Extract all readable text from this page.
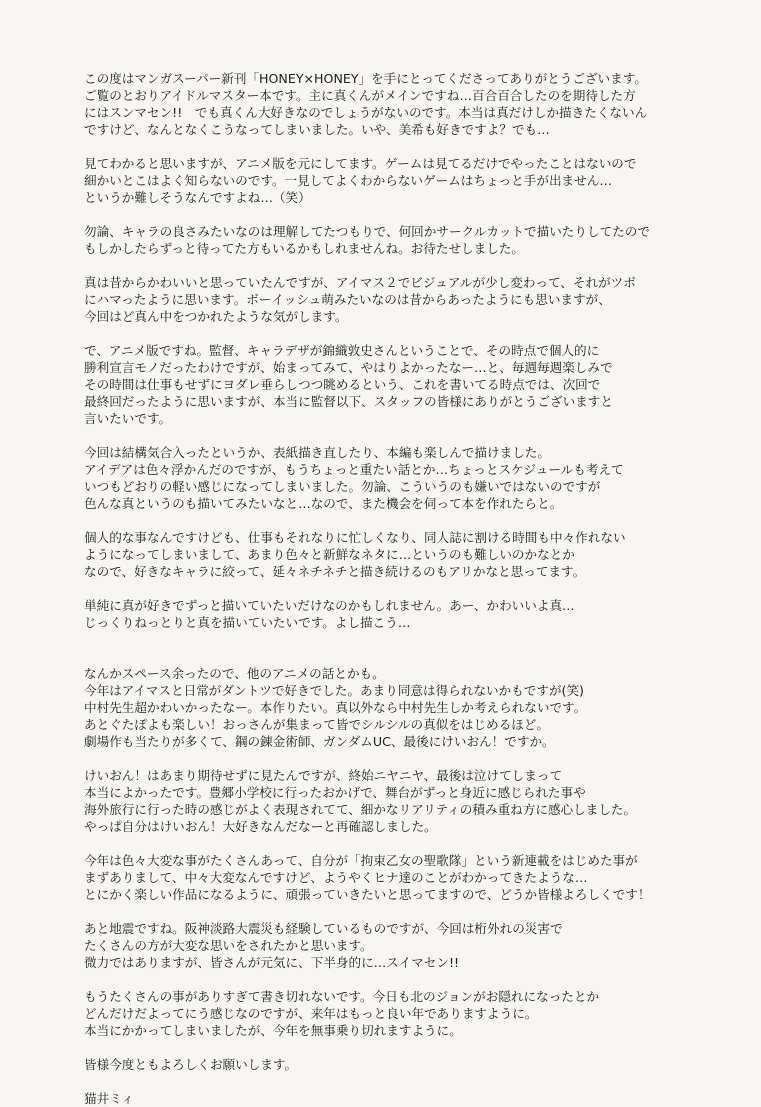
この度はマンガスーパー新刊「HONEY×HONEY」を手にとってくださってありがとうございます。
ご覧のとおりアイドルマスター本です。主に真くんがメインですね…百合百合したのを期待した方
にはスンマセン!!　でも真くん大好きなのでしょうがないのです。本当は真だけしか描きたくないん
ですけど、なんとなくこうなってしまいました。いや、美希も好きですよ？でも…
見てわかると思いますが、アニメ版を元にしてます。ゲームは見てるだけでやったことはないので
細かいとこはよく知らないのです。一見してよくわからないゲームはちょっと手が出ません…
というか難しそうなんですよね…（笑）
勿論、キャラの良さみたいなのは理解してたつもりで、何回かサークルカットで描いたりしてたので
もしかしたらずっと待ってた方もいるかもしれませんね。お待たせしました。
真は昔からかわいいと思っていたんですが、アイマス２でビジュアルが少し変わって、それがツボ
にハマったように思います。ボーイッシュ萌みたいなのは昔からあったようにも思いますが、
今回はど真ん中をつかれたような気がします。
で、アニメ版ですね。監督、キャラデザが錦織敦史さんということで、その時点で個人的に
勝利宣言モノだったわけですが、始まってみて、やはりよかったなー…と、毎週毎週楽しみで
その時間は仕事もせずにヨダレ垂らしつつ眺めるという、これを書いてる時点では、次回で
最終回だったように思いますが、本当に監督以下、スタッフの皆様にありがとうございますと
言いたいです。
今回は結構気合入ったというか、表紙描き直したり、本編も楽しんで描けました。
アイデアは色々浮かんだのですが、もうちょっと重たい話とか…ちょっとスケジュールも考えて
いつもどおりの軽い感じになってしまいました。勿論、こういうのも嫌いではないのですが
色んな真というのも描いてみたいなと…なので、また機会を伺って本を作れたらと。
個人的な事なんですけども、仕事もそれなりに忙しくなり、同人誌に割ける時間も中々作れない
ようになってしまいまして、あまり色々と新鮮なネタに…というのも難しいのかなとか
なので、好きなキャラに絞って、延々ネチネチと描き続けるのもアリかなと思ってます。
単純に真が好きでずっと描いていたいだけなのかもしれません。あー、かわいいよ真…
じっくりねっとりと真を描いていたいです。よし描こう…
なんかスペース余ったので、他のアニメの話とかも。
今年はアイマスと日常がダントツで好きでした。あまり同意は得られないかもですが(笑)
中村先生超かわいかったなー。本作りたい。真以外なら中村先生しか考えられないです。
あとぐたぽよも楽しい！おっさんが集まって皆でシルシルの真似をはじめるほど。
劇場作も当たりが多くて、鋼の錬金術師、ガンダムUC、最後にけいおん！ですか。
けいおん！はあまり期待せずに見たんですが、終始ニヤニヤ、最後は泣けてしまって
本当によかったです。豊郷小学校に行ったおかげで、舞台がずっと身近に感じられた事や
海外旅行に行った時の感じがよく表現されてて、細かなリアリティの積み重ね方に感心しました。
やっぱ自分はけいおん！大好きなんだなーと再確認しました。
今年は色々大変な事がたくさんあって、自分が「拘束乙女の聖歌隊」という新連載をはじめた事が
まずありまして、中々大変なんですけど、ようやくヒナ達のことがわかってきたような…
とにかく楽しい作品になるように、頑張っていきたいと思ってますので、どうか皆様よろしくです！
あと地震ですね。阪神淡路大震災も経験しているものですが、今回は桁外れの災害で
たくさんの方が大変な思いをされたかと思います。
微力ではありますが、皆さんが元気に、下半身的に…スイマセン!!
もうたくさんの事がありすぎて書き切れないです。今日も北のジョンがお隠れになったとか
どんだけだよってにう感じなのですが、来年はもっと良い年でありますように。
本当にかかってしまいましたが、今年を無事乗り切れますように。
皆様今度ともよろしくお願いします。
猫井ミィ
